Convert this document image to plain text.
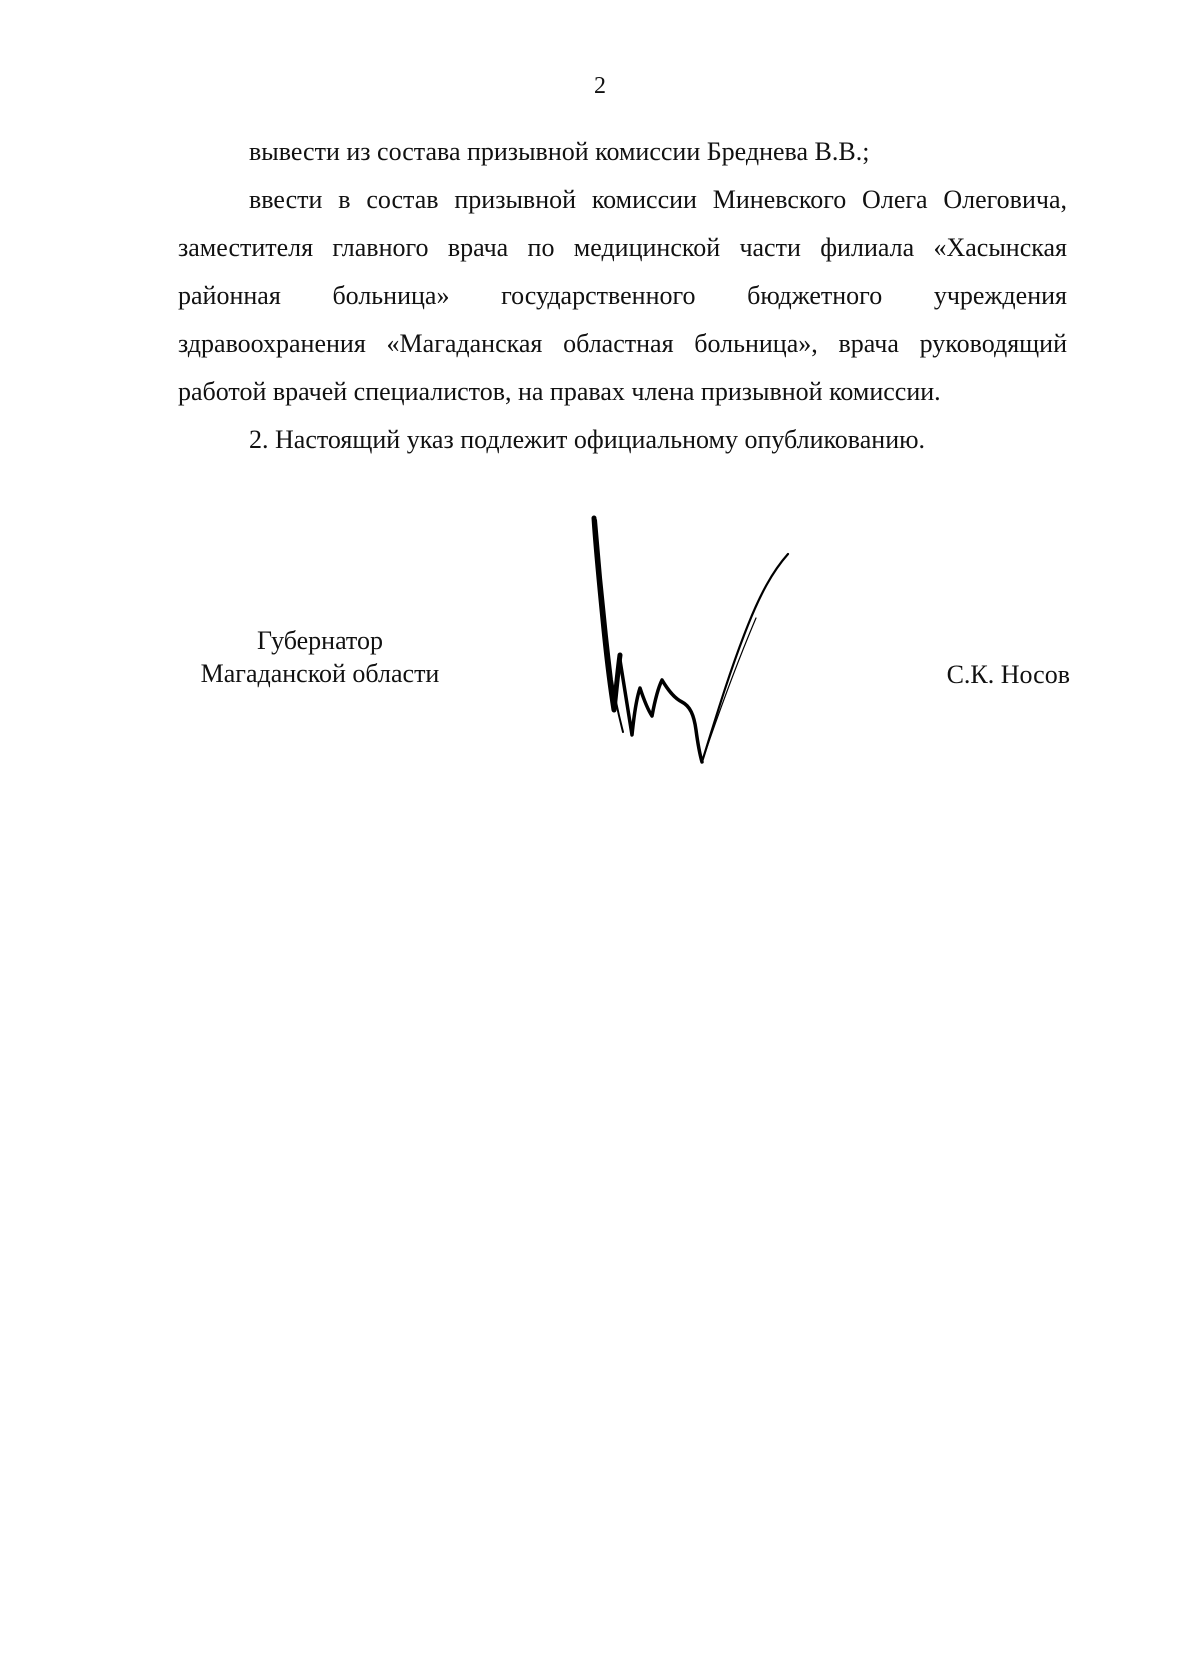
2

вывести из состава призывной комиссии Бреднева В.В.;

ввести в состав призывной комиссии Миневского Олега Олеговича, заместителя главного врача по медицинской части филиала «Хасынская районная больница» государственного бюджетного учреждения здравоохранения «Магаданская областная больница», врача руководящий работой врачей специалистов, на правах члена призывной комиссии.

2. Настоящий указ подлежит официальному опубликованию.

Губернатор
Магаданской области	С.К. Носов
